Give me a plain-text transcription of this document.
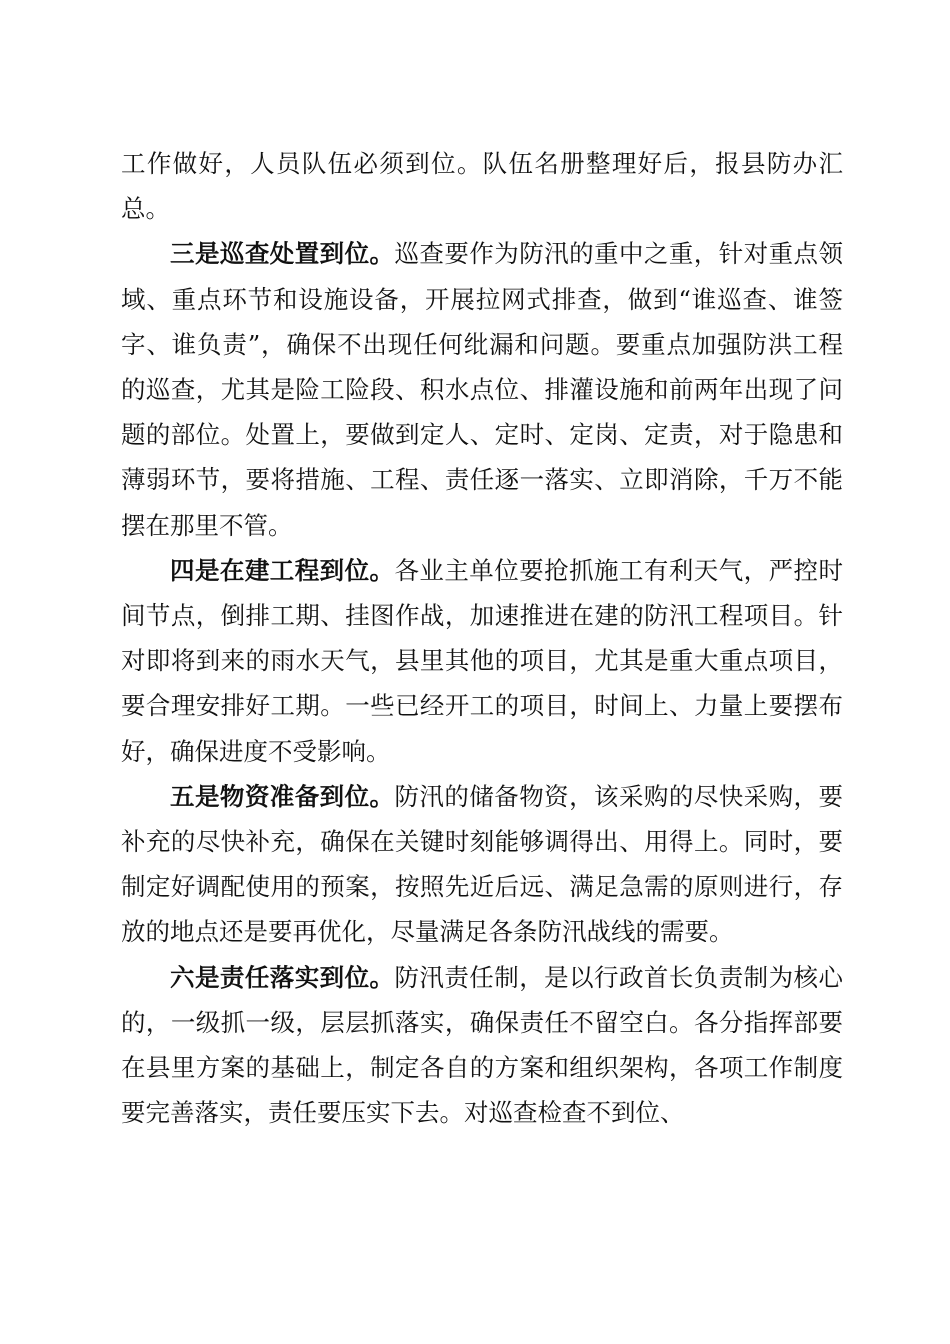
工作做好，人员队伍必须到位。队伍名册整理好后，报县防办汇总。

三是巡查处置到位。巡查要作为防汛的重中之重，针对重点领域、重点环节和设施设备，开展拉网式排查，做到“谁巡查、谁签字、谁负责”，确保不出现任何纰漏和问题。要重点加强防洪工程的巡查，尤其是险工险段、积水点位、排灌设施和前两年出现了问题的部位。处置上，要做到定人、定时、定岗、定责，对于隐患和薄弱环节，要将措施、工程、责任逐一落实、立即消除，千万不能摆在那里不管。

四是在建工程到位。各业主单位要抢抓施工有利天气，严控时间节点，倒排工期、挂图作战，加速推进在建的防汛工程项目。针对即将到来的雨水天气，县里其他的项目，尤其是重大重点项目，要合理安排好工期。一些已经开工的项目，时间上、力量上要摆布好，确保进度不受影响。

五是物资准备到位。防汛的储备物资，该采购的尽快采购，要补充的尽快补充，确保在关键时刻能够调得出、用得上。同时，要制定好调配使用的预案，按照先近后远、满足急需的原则进行，存放的地点还是要再优化，尽量满足各条防汛战线的需要。

六是责任落实到位。防汛责任制，是以行政首长负责制为核心的，一级抓一级，层层抓落实，确保责任不留空白。各分指挥部要在县里方案的基础上，制定各自的方案和组织架构，各项工作制度要完善落实，责任要压实下去。对巡查检查不到位、
